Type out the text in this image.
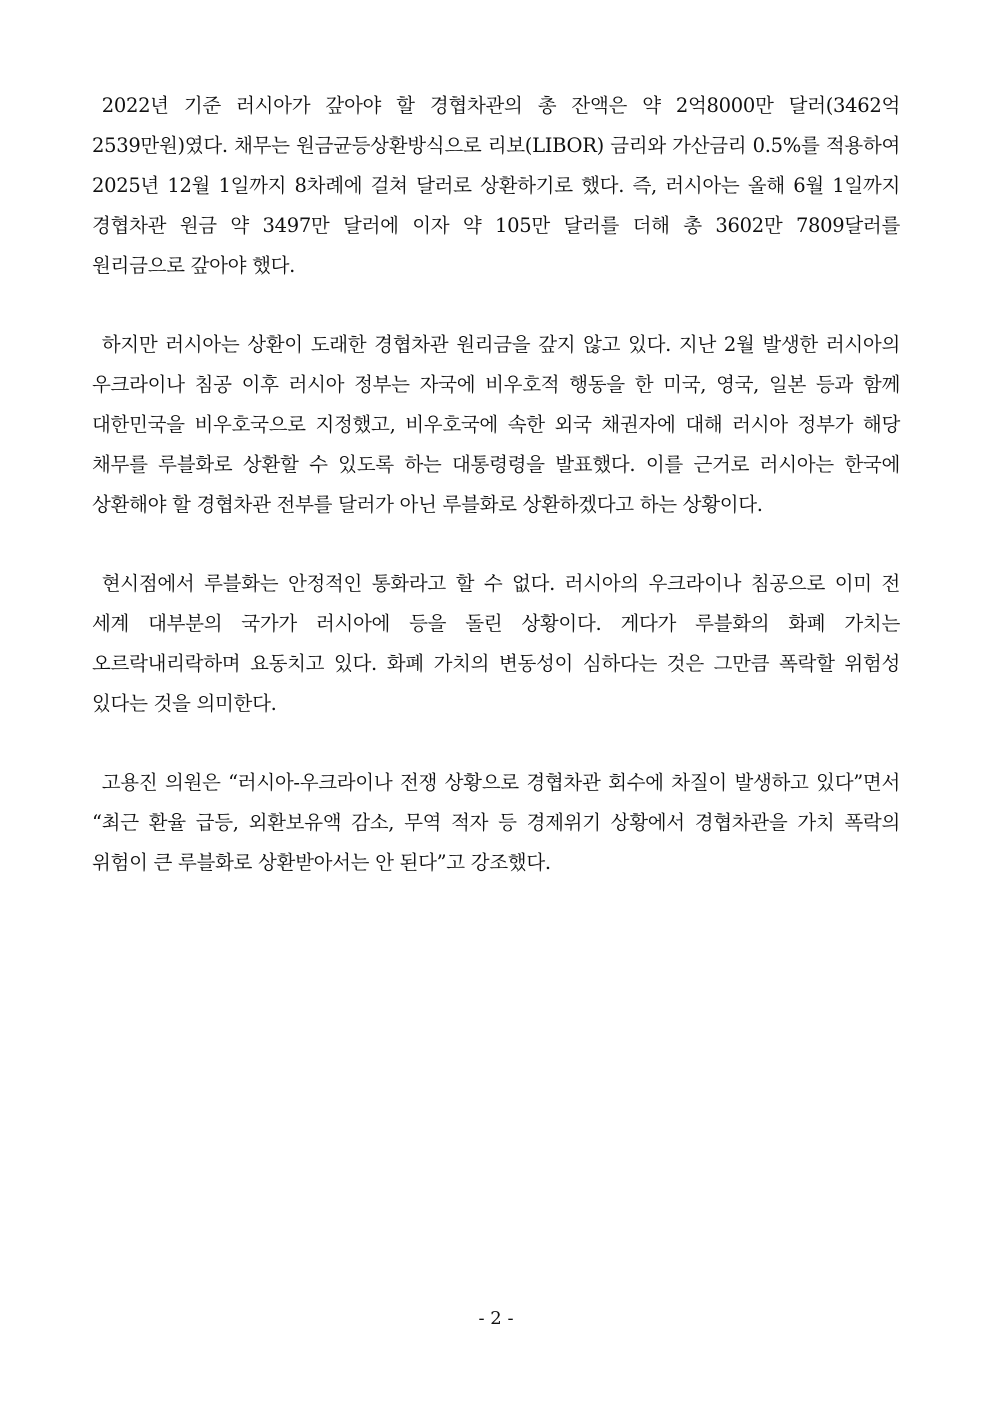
2022년 기준 러시아가 갚아야 할 경협차관의 총 잔액은 약 2억8000만 달러(3462억 2539만원)였다. 채무는 원금균등상환방식으로 리보(LIBOR) 금리와 가산금리 0.5%를 적용하여 2025년 12월 1일까지 8차례에 걸쳐 달러로 상환하기로 했다. 즉, 러시아는 올해 6월 1일까지 경협차관 원금 약 3497만 달러에 이자 약 105만 달러를 더해 총 3602만 7809달러를 원리금으로 갚아야 했다.

하지만 러시아는 상환이 도래한 경협차관 원리금을 갚지 않고 있다. 지난 2월 발생한 러시아의 우크라이나 침공 이후 러시아 정부는 자국에 비우호적 행동을 한 미국, 영국, 일본 등과 함께 대한민국을 비우호국으로 지정했고, 비우호국에 속한 외국 채권자에 대해 러시아 정부가 해당 채무를 루블화로 상환할 수 있도록 하는 대통령령을 발표했다. 이를 근거로 러시아는 한국에 상환해야 할 경협차관 전부를 달러가 아닌 루블화로 상환하겠다고 하는 상황이다.

현시점에서 루블화는 안정적인 통화라고 할 수 없다. 러시아의 우크라이나 침공으로 이미 전 세계 대부분의 국가가 러시아에 등을 돌린 상황이다. 게다가 루블화의 화폐 가치는 오르락내리락하며 요동치고 있다. 화폐 가치의 변동성이 심하다는 것은 그만큼 폭락할 위험성 있다는 것을 의미한다.

고용진 의원은 “러시아-우크라이나 전쟁 상황으로 경협차관 회수에 차질이 발생하고 있다”면서 “최근 환율 급등, 외환보유액 감소, 무역 적자 등 경제위기 상황에서 경협차관을 가치 폭락의 위험이 큰 루블화로 상환받아서는 안 된다”고 강조했다.

- 2 -
